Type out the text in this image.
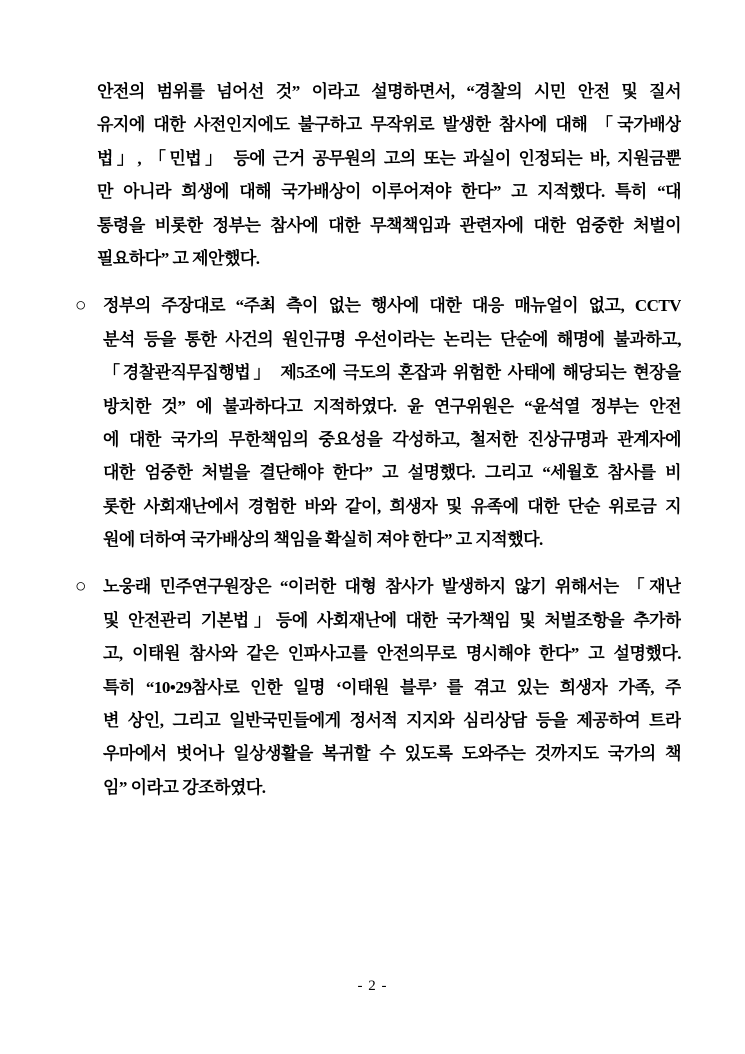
안전의 범위를 넘어선 것” 이라고 설명하면서, “경찰의 시민 안전 및 질서
유지에 대한 사전인지에도 불구하고 무작위로 발생한 참사에 대해 「국가배상
법」, 「민법」 등에 근거 공무원의 고의 또는 과실이 인정되는 바, 지원금뿐
만 아니라 희생에 대해 국가배상이 이루어져야 한다” 고 지적했다. 특히 “대
통령을 비롯한 정부는 참사에 대한 무책책임과 관련자에 대한 엄중한 처벌이
필요하다” 고 제안했다.
○ 정부의 주장대로 “주최 측이 없는 행사에 대한 대응 매뉴얼이 없고, CCTV
분석 등을 통한 사건의 원인규명 우선이라는 논리는 단순에 해명에 불과하고,
「경찰관직무집행법」 제5조에 극도의 혼잡과 위험한 사태에 해당되는 현장을
방치한 것” 에 불과하다고 지적하였다. 윤 연구위원은 “윤석열 정부는 안전
에 대한 국가의 무한책임의 중요성을 각성하고, 철저한 진상규명과 관계자에
대한 엄중한 처벌을 결단해야 한다” 고 설명했다. 그리고 “세월호 참사를 비
롯한 사회재난에서 경험한 바와 같이, 희생자 및 유족에 대한 단순 위로금 지
원에 더하여 국가배상의 책임을 확실히 져야 한다” 고 지적했다.
○ 노웅래 민주연구원장은 “이러한 대형 참사가 발생하지 않기 위해서는 「재난
및 안전관리 기본법」등에 사회재난에 대한 국가책임 및 처벌조항을 추가하
고, 이태원 참사와 같은 인파사고를 안전의무로 명시해야 한다” 고 설명했다.
특히 “10•29참사로 인한 일명 ‘이태원 블루’ 를 겪고 있는 희생자 가족, 주
변 상인, 그리고 일반국민들에게 정서적 지지와 심리상담 등을 제공하여 트라
우마에서 벗어나 일상생활을 복귀할 수 있도록 도와주는 것까지도 국가의 책
임” 이라고 강조하였다.
- 2 -
